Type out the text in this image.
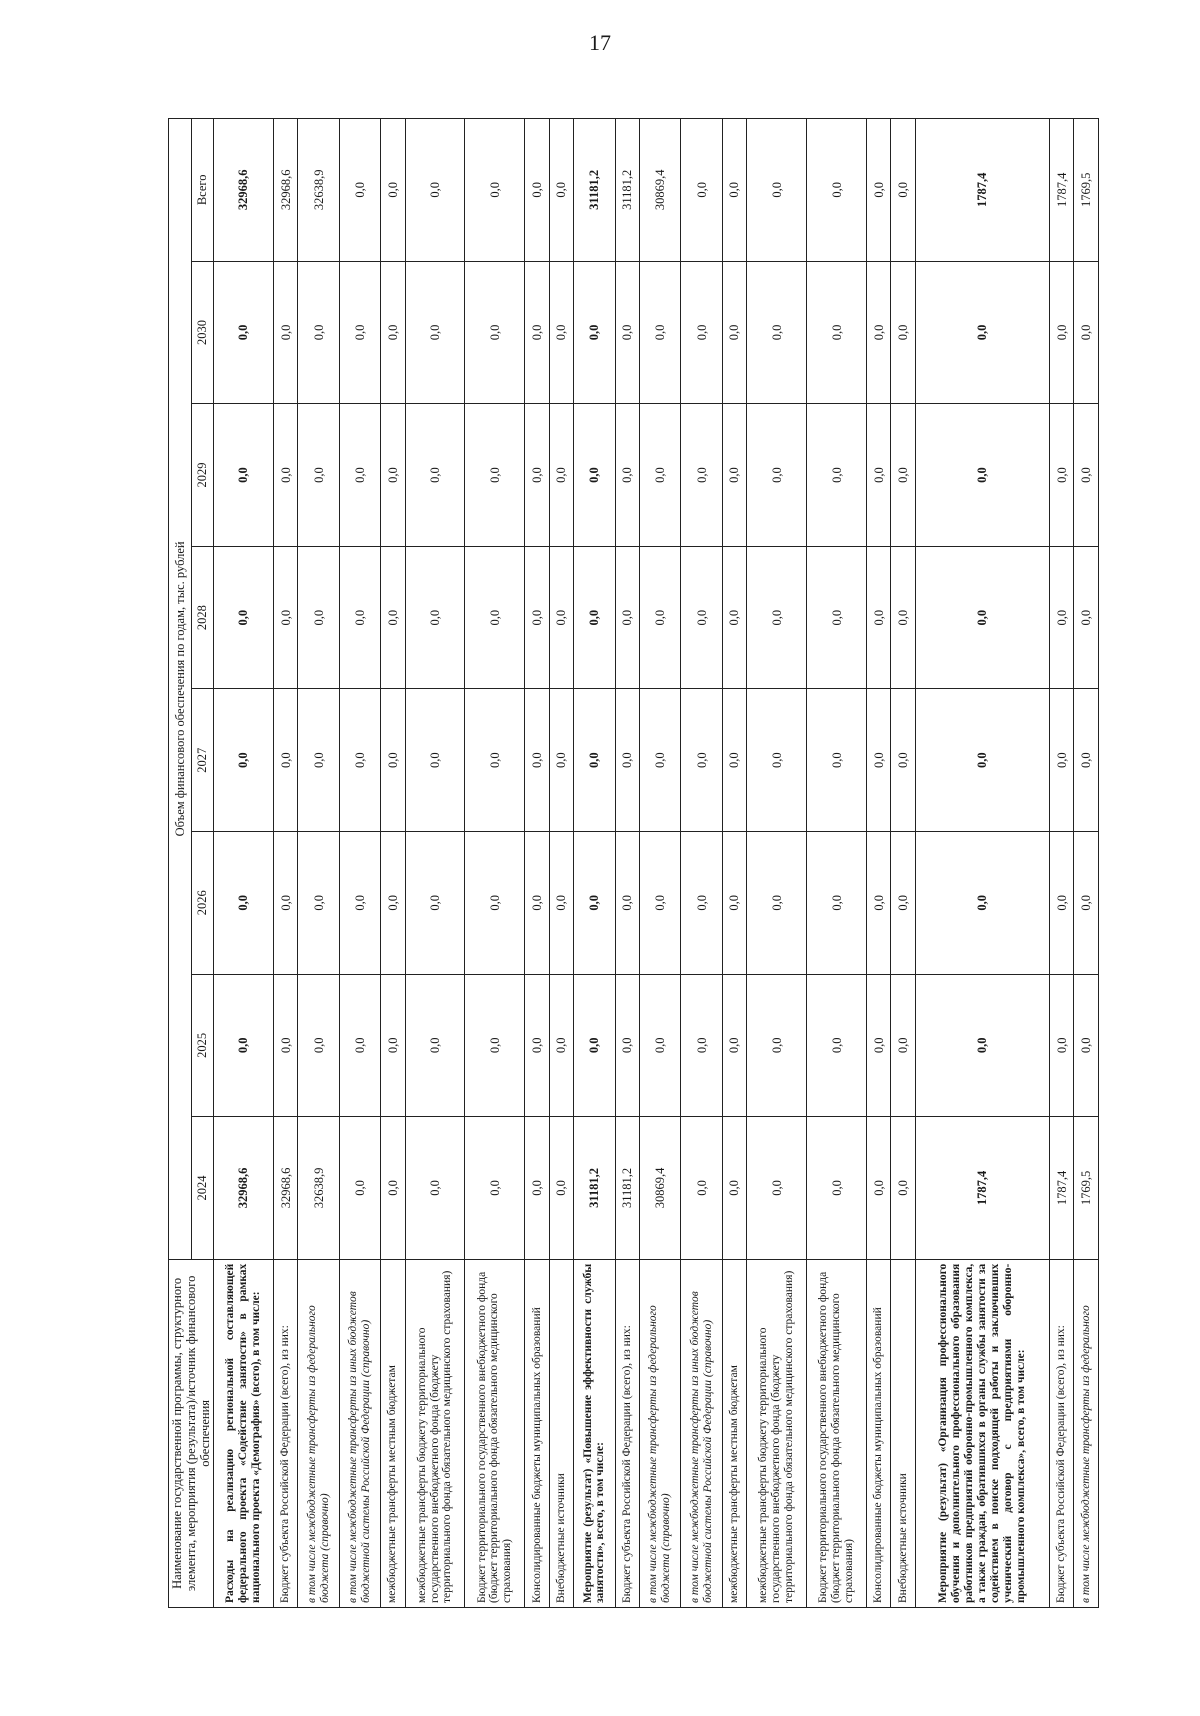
17
Наименование государственной программы, структурного элемента, мероприятия (результата)/источник финансового обеспечения	Объем финансового обеспечения по годам, тыс. рублей							
	2024	2025	2026	2027	2028	2029	2030	Всего
Расходы на реализацию региональной составляющей федерального проекта «Содействие занятости» в рамках национального проекта «Демография» (всего), в том числе:	32968,6	0,0	0,0	0,0	0,0	0,0	0,0	32968,6
Бюджет субъекта Российской Федерации (всего), из них:	32968,6	0,0	0,0	0,0	0,0	0,0	0,0	32968,6
в том числе межбюджетные трансферты из федерального бюджета (справочно)	32638,9	0,0	0,0	0,0	0,0	0,0	0,0	32638,9
в том числе межбюджетные трансферты из иных бюджетов бюджетной системы Российской Федерации (справочно)	0,0	0,0	0,0	0,0	0,0	0,0	0,0	0,0
межбюджетные трансферты местным бюджетам	0,0	0,0	0,0	0,0	0,0	0,0	0,0	0,0
межбюджетные трансферты бюджету территориального государственного внебюджетного фонда (бюджету территориального фонда обязательного медицинского страхования)	0,0	0,0	0,0	0,0	0,0	0,0	0,0	0,0
Бюджет территориального государственного внебюджетного фонда (бюджет территориального фонда обязательного медицинского страхования)	0,0	0,0	0,0	0,0	0,0	0,0	0,0	0,0
Консолидированные бюджеты муниципальных образований	0,0	0,0	0,0	0,0	0,0	0,0	0,0	0,0
Внебюджетные источники	0,0	0,0	0,0	0,0	0,0	0,0	0,0	0,0
Мероприятие (результат) «Повышение эффективности службы занятости», всего, в том числе:	31181,2	0,0	0,0	0,0	0,0	0,0	0,0	31181,2
Бюджет субъекта Российской Федерации (всего), из них:	31181,2	0,0	0,0	0,0	0,0	0,0	0,0	31181,2
в том числе межбюджетные трансферты из федерального бюджета (справочно)	30869,4	0,0	0,0	0,0	0,0	0,0	0,0	30869,4
в том числе межбюджетные трансферты из иных бюджетов бюджетной системы Российской Федерации (справочно)	0,0	0,0	0,0	0,0	0,0	0,0	0,0	0,0
межбюджетные трансферты местным бюджетам	0,0	0,0	0,0	0,0	0,0	0,0	0,0	0,0
межбюджетные трансферты бюджету территориального государственного внебюджетного фонда (бюджету территориального фонда обязательного медицинского страхования)	0,0	0,0	0,0	0,0	0,0	0,0	0,0	0,0
Бюджет территориального государственного внебюджетного фонда (бюджет территориального фонда обязательного медицинского страхования)	0,0	0,0	0,0	0,0	0,0	0,0	0,0	0,0
Консолидированные бюджеты муниципальных образований	0,0	0,0	0,0	0,0	0,0	0,0	0,0	0,0
Внебюджетные источники	0,0	0,0	0,0	0,0	0,0	0,0	0,0	0,0
Мероприятие (результат) «Организация профессионального обучения и дополнительного профессионального образования работников предприятий оборонно-промышленного комплекса, а также граждан, обратившихся в органы службы занятости за содействием в поиске подходящей работы и заключивших ученический договор с предприятиями оборонно-промышленного комплекса», всего, в том числе:	1787,4	0,0	0,0	0,0	0,0	0,0	0,0	1787,4
Бюджет субъекта Российской Федерации (всего), из них:	1787,4	0,0	0,0	0,0	0,0	0,0	0,0	1787,4
в том числе межбюджетные трансферты из федерального	1769,5	0,0	0,0	0,0	0,0	0,0	0,0	1769,5
